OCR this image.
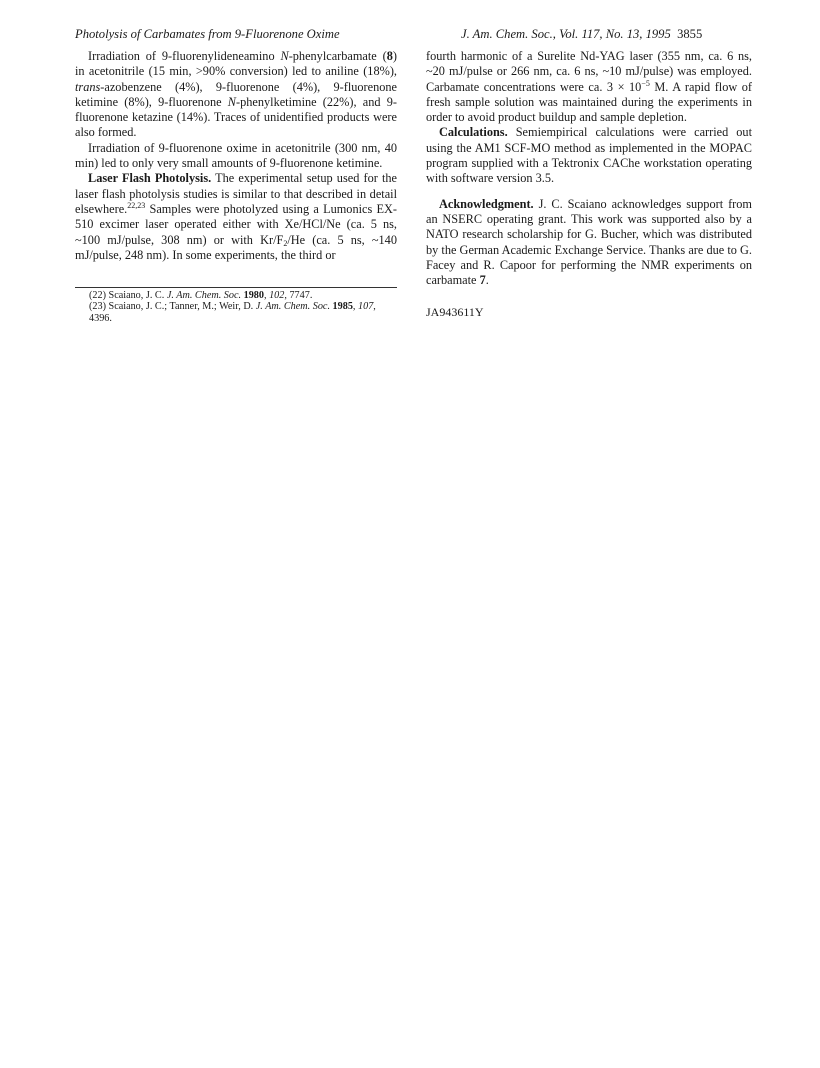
Photolysis of Carbamates from 9-Fluorenone Oxime	J. Am. Chem. Soc., Vol. 117, No. 13, 1995 3855

Irradiation of 9-fluorenylideneamino N-phenylcarbamate (8) in acetonitrile (15 min, >90% conversion) led to aniline (18%), trans-azobenzene (4%), 9-fluorenone (4%), 9-fluorenone ketimine (8%), 9-fluorenone N-phenylketimine (22%), and 9-fluorenone ketazine (14%). Traces of unidentified products were also formed.

Irradiation of 9-fluorenone oxime in acetonitrile (300 nm, 40 min) led to only very small amounts of 9-fluorenone ketimine.

Laser Flash Photolysis. The experimental setup used for the laser flash photolysis studies is similar to that described in detail elsewhere.$^{22,23}$ Samples were photolyzed using a Lumonics EX-510 excimer laser operated either with Xe/HCl/Ne (ca. 5 ns, ~100 mJ/pulse, 308 nm) or with $Kr/F_2/He$ (ca. 5 ns, ~140 mJ/pulse, 248 nm). In some experiments, the third or

(22) Scaiano, J. C. J. Am. Chem. Soc. 1980, 102, 7747.
(23) Scaiano, J. C.; Tanner, M.; Weir, D. J. Am. Chem. Soc. 1985, 107, 4396.

fourth harmonic of a Surelite Nd-YAG laser (355 nm, ca. 6 ns, ~20 mJ/pulse or 266 nm, ca. 6 ns, ~10 mJ/pulse) was employed. Carbamate concentrations were ca. $3 \times 10^{-5}$ M. A rapid flow of fresh sample solution was maintained during the experiments in order to avoid product buildup and sample depletion.

Calculations. Semiempirical calculations were carried out using the AM1 SCF-MO method as implemented in the MOPAC program supplied with a Tektronix CAChe workstation operating with software version 3.5.

Acknowledgment. J. C. Scaiano acknowledges support from an NSERC operating grant. This work was supported also by a NATO research scholarship for G. Bucher, which was distributed by the German Academic Exchange Service. Thanks are due to G. Facey and R. Capoor for performing the NMR experiments on carbamate 7.

JA943611Y
